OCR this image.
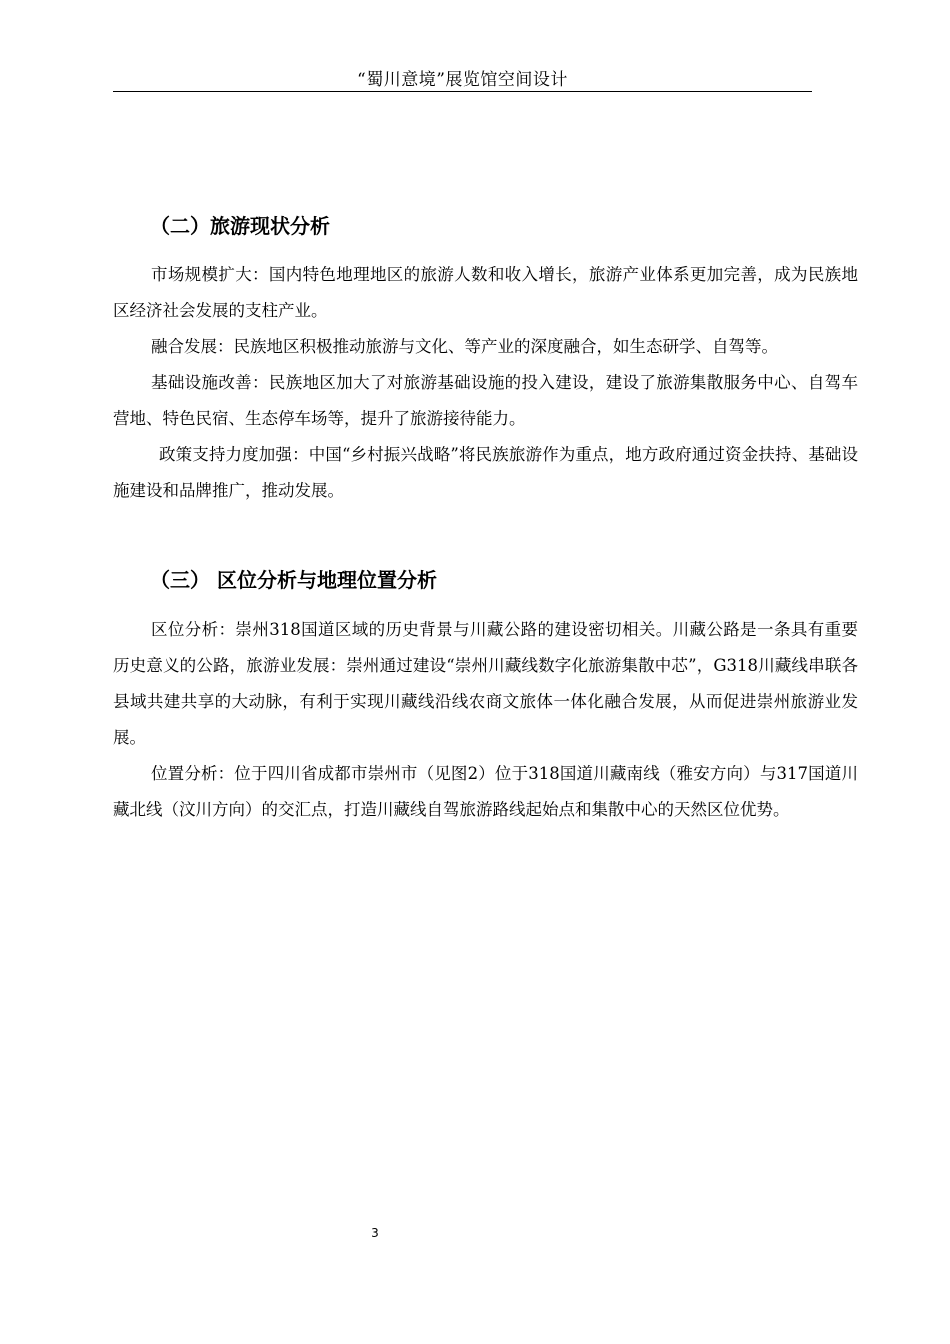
“蜀川意境”展览馆空间设计
（二）旅游现状分析

市场规模扩大：国内特色地理地区的旅游人数和收入增长，旅游产业体系更加完善，成为民族地区经济社会发展的支柱产业。

融合发展：民族地区积极推动旅游与文化、等产业的深度融合，如生态研学、自驾等。

基础设施改善：民族地区加大了对旅游基础设施的投入建设，建设了旅游集散服务中心、自驾车营地、特色民宿、生态停车场等，提升了旅游接待能力。

政策支持力度加强：中国“乡村振兴战略”将民族旅游作为重点，地方政府通过资金扶持、基础设施建设和品牌推广，推动发展。

（三） 区位分析与地理位置分析

区位分析：崇州318国道区域的历史背景与川藏公路的建设密切相关。川藏公路是一条具有重要历史意义的公路，旅游业发展：崇州通过建设“崇州川藏线数字化旅游集散中芯”，G318川藏线串联各县域共建共享的大动脉，有利于实现川藏线沿线农商文旅体一体化融合发展，从而促进崇州旅游业发展。

位置分析：位于四川省成都市崇州市（见图2）位于318国道川藏南线（雅安方向）与317国道川藏北线（汶川方向）的交汇点，打造川藏线自驾旅游路线起始点和集散中心的天然区位优势。

3
